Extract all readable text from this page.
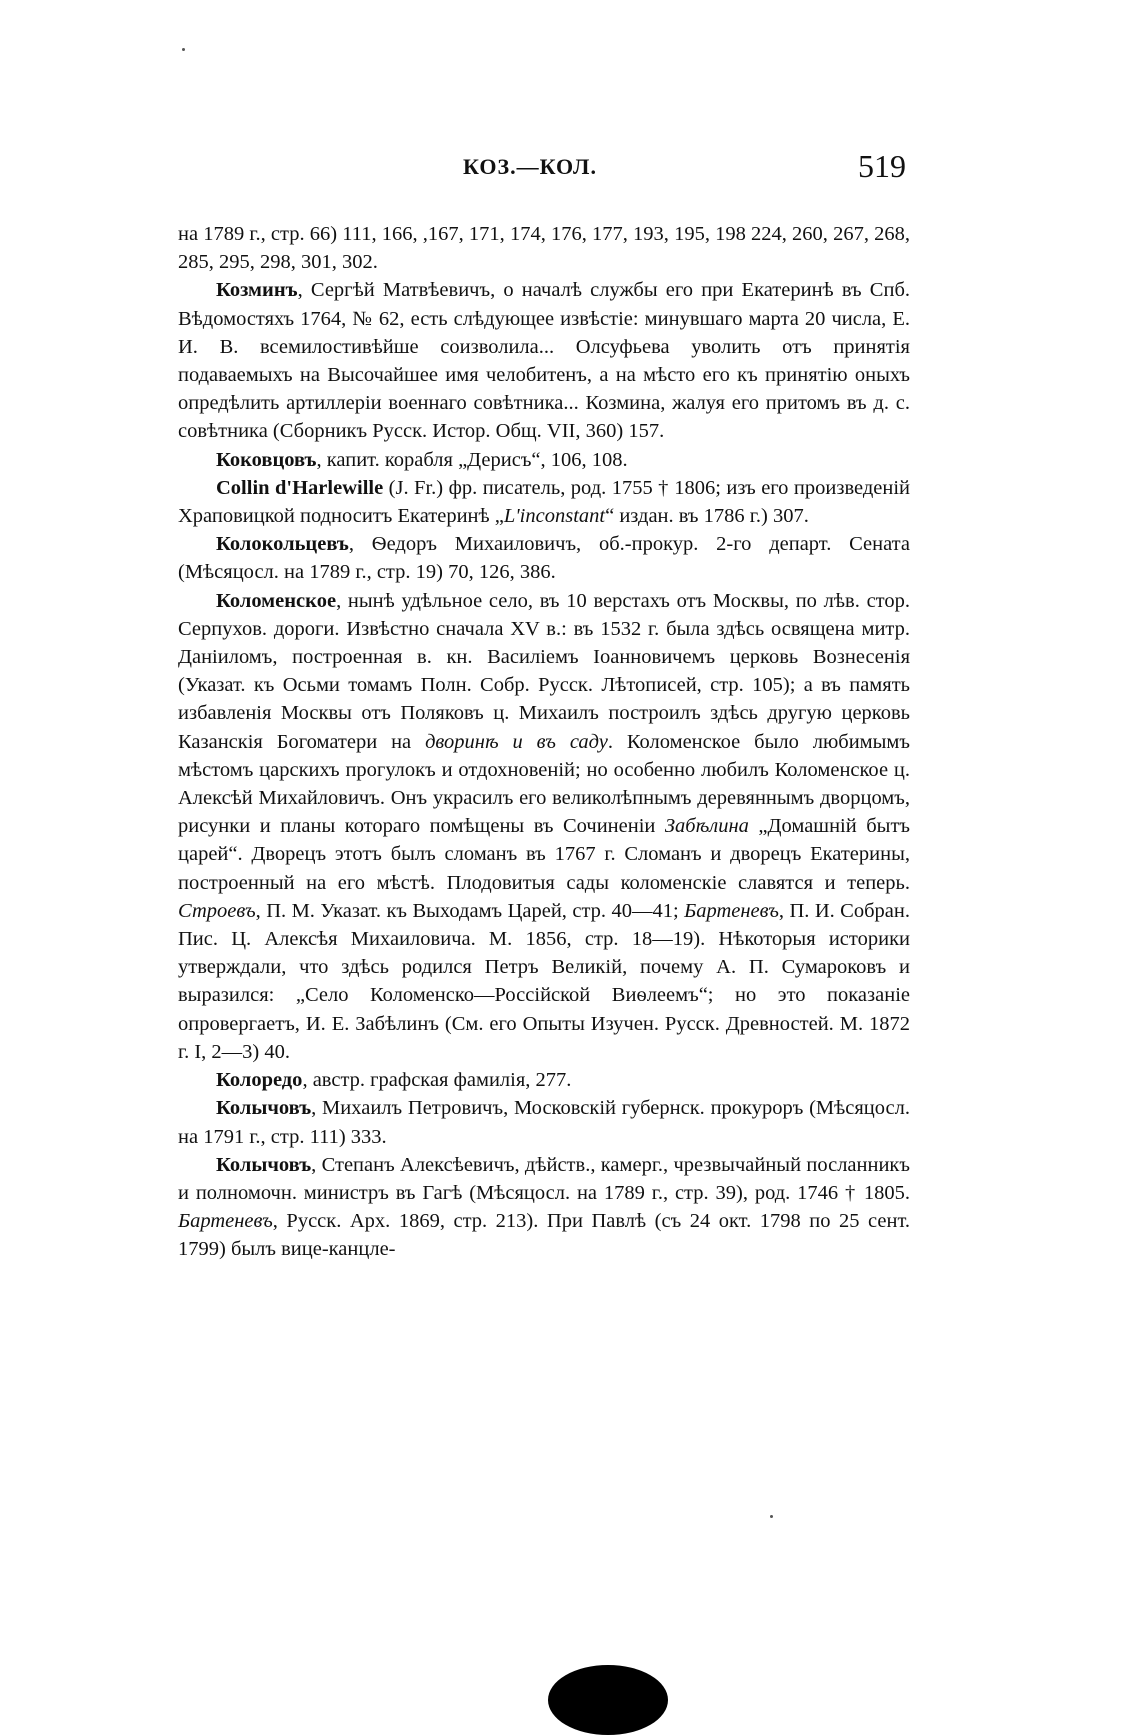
КОЗ.—КОЛ.	519

на 1789 г., стр. 66) 111, 166, ,167, 171, 174, 176, 177, 193, 195, 198 224, 260, 267, 268, 285, 295, 298, 301, 302.

Козминъ, Сергѣй Матвѣевичъ, о началѣ службы его при Екатеринѣ въ Спб. Вѣдомостяхъ 1764, № 62, есть слѣдующее извѣстіе: минувшаго марта 20 числа, Е. И. В. всемилостивѣйше соизволила... Олсуфьева уволить отъ принятія подаваемыхъ на Высочайшее имя челобитенъ, а на мѣсто его къ принятію оныхъ опредѣлить артиллеріи военнаго совѣтника... Козмина, жалуя его притомъ въ д. с. совѣтника (Сборникъ Русск. Истор. Общ. VII, 360) 157.

Коковцовъ, капит. корабля „Дерисъ“, 106, 108.

Collin d'Harlewille (J. Fr.) фр. писатель, род. 1755 † 1806; изъ его произведеній Храповицкой подноситъ Екатеринѣ „L'inconstant“ издан. въ 1786 г.) 307.

Колокольцевъ, Ѳедоръ Михаиловичъ, об.-прокур. 2-го департ. Сената (Мѣсяцосл. на 1789 г., стр. 19) 70, 126, 386.

Коломенское, нынѣ удѣльное село, въ 10 верстахъ отъ Москвы, по лѣв. стор. Серпухов. дороги. Извѣстно сначала XV в.: въ 1532 г. была здѣсь освящена митр. Даніиломъ, построенная в. кн. Василіемъ Іоанновичемъ церковь Вознесенія (Указат. къ Осьми томамъ Полн. Собр. Русск. Лѣтописей, стр. 105); а въ память избавленія Москвы отъ Поляковъ ц. Михаилъ построилъ здѣсь другую церковь Казанскія Богоматери на дворинѣ и въ саду. Коломенское было любимымъ мѣстомъ царскихъ прогулокъ и отдохновеній; но особенно любилъ Коломенское ц. Алексѣй Михайловичъ. Онъ украсилъ его великолѣпнымъ деревяннымъ дворцомъ, рисунки и планы котораго помѣщены въ Сочиненіи Забѣлина „Домашній бытъ царей“. Дворецъ этотъ былъ сломанъ въ 1767 г. Сломанъ и дворецъ Екатерины, построенный на его мѣстѣ. Плодовитыя сады коломенскіе славятся и теперь. Строевъ, П. М. Указат. къ Выходамъ Царей, стр. 40—41; Бартеневъ, П. И. Собран. Пис. Ц. Алексѣя Михаиловича. М. 1856, стр. 18—19). Нѣкоторыя историки утверждали, что здѣсь родился Петръ Великій, почему А. П. Сумароковъ и выразился: „Село Коломенско—Россійской Виѳлеемъ“; но это показаніе опровергаетъ, И. Е. Забѣлинъ (См. его Опыты Изучен. Русск. Древностей. М. 1872 г. I, 2—3) 40.

Колоредо, австр. графская фамилія, 277.

Колычовъ, Михаилъ Петровичъ, Московскій губернск. прокуроръ (Мѣсяцосл. на 1791 г., стр. 111) 333.

Колычовъ, Степанъ Алексѣевичъ, дѣйств., камерг., чрезвычайный посланникъ и полномочн. министръ въ Гагѣ (Мѣсяцосл. на 1789 г., стр. 39), род. 1746 † 1805. Бартеневъ, Русск. Арх. 1869, стр. 213). При Павлѣ (съ 24 окт. 1798 по 25 сент. 1799) былъ вице-канцле-
